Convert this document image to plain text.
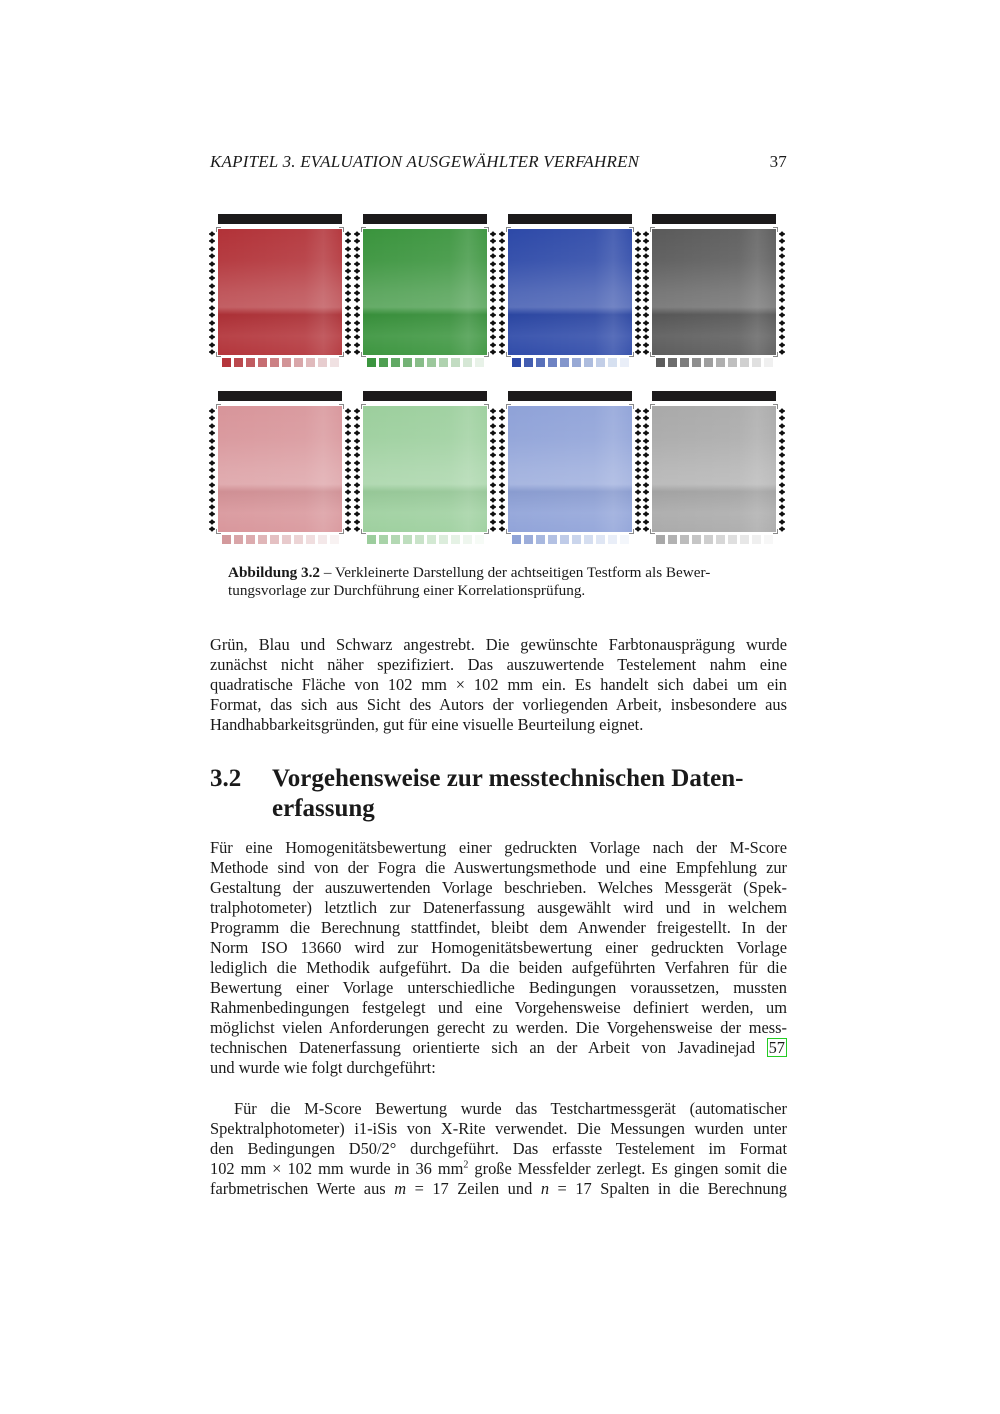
KAPITEL 3. EVALUATION AUSGEWÄHLTER VERFAHREN	37
Abbildung 3.2 – Verkleinerte Darstellung der achtseitigen Testform als Bewer-
tungsvorlage zur Durchführung einer Korrelationsprüfung.
Grün, Blau und Schwarz angestrebt. Die gewünschte Farbtonausprägung wurde
zunächst nicht näher spezifiziert. Das auszuwertende Testelement nahm eine
quadratische Fläche von 102 mm × 102 mm ein. Es handelt sich dabei um ein
Format, das sich aus Sicht des Autors der vorliegenden Arbeit, insbesondere aus
Handhabbarkeitsgründen, gut für eine visuelle Beurteilung eignet.
3.2 Vorgehensweise zur messtechnischen Daten-
erfassung
Für eine Homogenitätsbewertung einer gedruckten Vorlage nach der M-Score
Methode sind von der Fogra die Auswertungsmethode und eine Empfehlung zur
Gestaltung der auszuwertenden Vorlage beschrieben. Welches Messgerät (Spek-
tralphotometer) letztlich zur Datenerfassung ausgewählt wird und in welchem
Programm die Berechnung stattfindet, bleibt dem Anwender freigestellt. In der
Norm ISO 13660 wird zur Homogenitätsbewertung einer gedruckten Vorlage
lediglich die Methodik aufgeführt. Da die beiden aufgeführten Verfahren für die
Bewertung einer Vorlage unterschiedliche Bedingungen voraussetzen, mussten
Rahmenbedingungen festgelegt und eine Vorgehensweise definiert werden, um
möglichst vielen Anforderungen gerecht zu werden. Die Vorgehensweise der mess-
technischen Datenerfassung orientierte sich an der Arbeit von Javadinejad 57
und wurde wie folgt durchgeführt:
Für die M-Score Bewertung wurde das Testchartmessgerät (automatischer
Spektralphotometer) i1-iSis von X-Rite verwendet. Die Messungen wurden unter
den Bedingungen D50/2° durchgeführt. Das erfasste Testelement im Format
102 mm × 102 mm wurde in 36 $mm^2$ große Messfelder zerlegt. Es gingen somit die
farbmetrischen Werte aus m = 17 Zeilen und n = 17 Spalten in die Berechnung
